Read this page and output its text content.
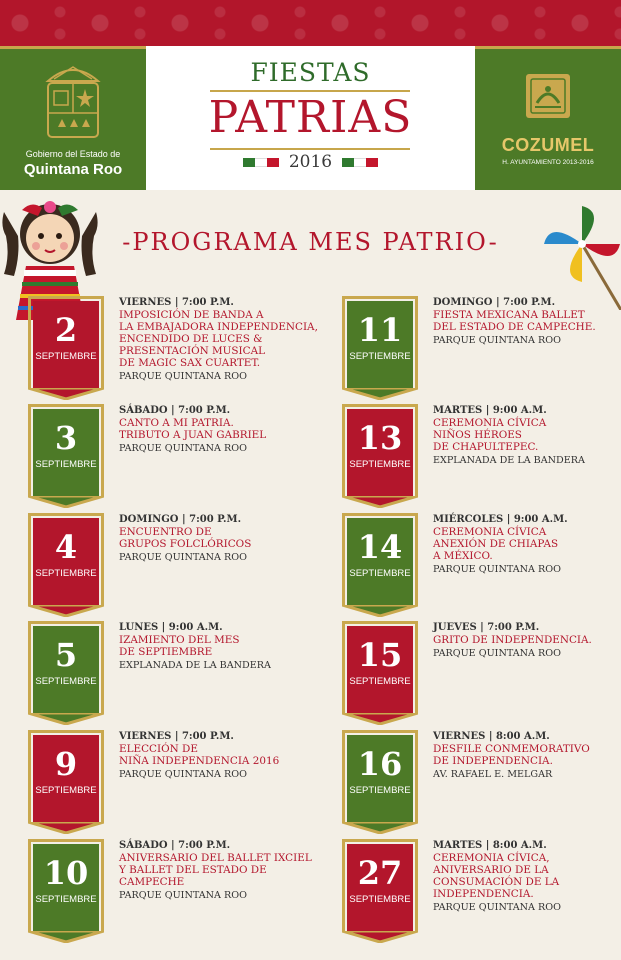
Gobierno del Estado de
Quintana Roo
FIESTAS
PATRIAS
2016
COZUMEL
H. AYUNTAMIENTO 2013-2016
-PROGRAMA MES PATRIO-
2
SEPTIEMBRE
VIERNES | 7:00 P.M.
IMPOSICIÓN DE BANDA A
LA EMBAJADORA INDEPENDENCIA,
ENCENDIDO DE LUCES &
PRESENTACIÓN MUSICAL
DE MAGIC SAX CUARTET.
PARQUE QUINTANA ROO
3
SEPTIEMBRE
SÁBADO | 7:00 P.M.
CANTO A MI PATRIA.
TRIBUTO A JUAN GABRIEL
PARQUE QUINTANA ROO
4
SEPTIEMBRE
DOMINGO | 7:00 P.M.
ENCUENTRO DE
GRUPOS FOLCLÓRICOS
PARQUE QUINTANA ROO
5
SEPTIEMBRE
LUNES | 9:00 A.M.
IZAMIENTO DEL MES
DE SEPTIEMBRE
EXPLANADA DE LA BANDERA
9
SEPTIEMBRE
VIERNES | 7:00 P.M.
ELECCIÓN DE
NIÑA INDEPENDENCIA 2016
PARQUE QUINTANA ROO
10
SEPTIEMBRE
SÁBADO | 7:00 P.M.
ANIVERSARIO DEL BALLET IXCIEL
Y BALLET DEL ESTADO DE CAMPECHE
PARQUE QUINTANA ROO
11
SEPTIEMBRE
DOMINGO | 7:00 P.M.
FIESTA MEXICANA BALLET
DEL ESTADO DE CAMPECHE.
PARQUE QUINTANA ROO
13
SEPTIEMBRE
MARTES | 9:00 A.M.
CEREMONIA CÍVICA
NIÑOS HÉROES
DE CHAPULTEPEC.
EXPLANADA DE LA BANDERA
14
SEPTIEMBRE
MIÉRCOLES | 9:00 A.M.
CEREMONIA CÍVICA
ANEXIÓN DE CHIAPAS
A MÉXICO.
PARQUE QUINTANA ROO
15
SEPTIEMBRE
JUEVES | 7:00 P.M.
GRITO DE INDEPENDENCIA.
PARQUE QUINTANA ROO
16
SEPTIEMBRE
VIERNES | 8:00 A.M.
DESFILE CONMEMORATIVO
DE INDEPENDENCIA.
AV. RAFAEL E. MELGAR
27
SEPTIEMBRE
MARTES | 8:00 A.M.
CEREMONIA CÍVICA,
ANIVERSARIO DE LA
CONSUMACIÓN DE LA
INDEPENDENCIA.
PARQUE QUINTANA ROO
